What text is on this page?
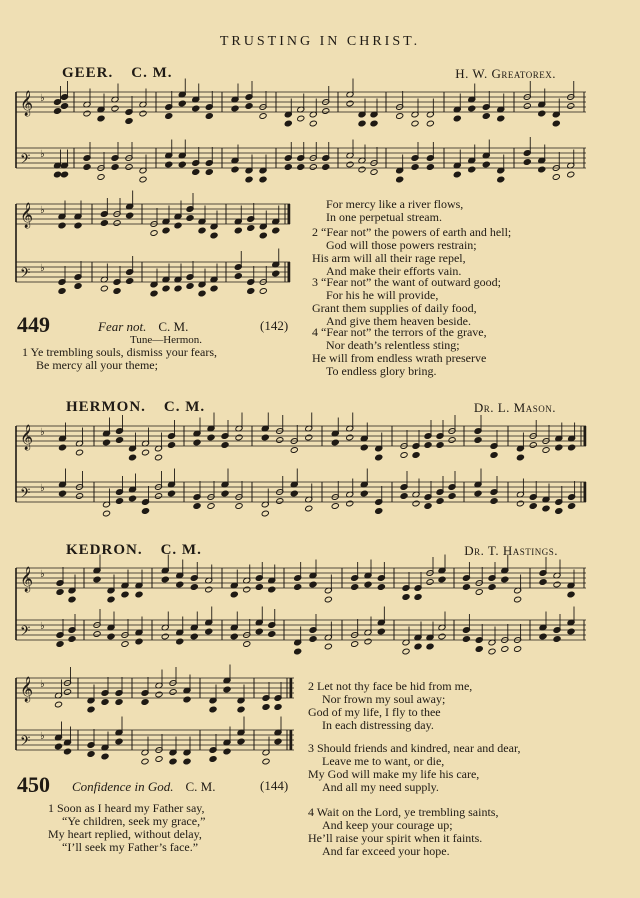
TRUSTING IN CHRIST.
GEER. C. M.	H. W. Greatorex.
𝄞 ♭
𝄢 ♭
𝄞 ♭
𝄢 ♭
449	Fear not. C. M.	(142)
Tune—Hermon.
1 Ye trembling souls, dismiss your fears,
Be mercy all your theme;
For mercy like a river flows,
In one perpetual stream.
2 “Fear not” the powers of earth and hell;
God will those powers restrain;
His arm will all their rage repel,
And make their efforts vain.
3 “Fear not” the want of outward good;
For his he will provide,
Grant them supplies of daily food,
And give them heaven beside.
4 “Fear not” the terrors of the grave,
Nor death’s relentless sting;
He will from endless wrath preserve
To endless glory bring.
HERMON. C. M.	Dr. L. Mason.
𝄞 ♭
𝄢 ♭
KEDRON. C. M.	Dr. T. Hastings.
𝄞 ♭
𝄢 ♭
𝄞 ♭
𝄢 ♭
450 Confidence in God. C. M.	(144)
1 Soon as I heard my Father say,
“Ye children, seek my grace,”
My heart replied, without delay,
“I’ll seek my Father’s face.”
2 Let not thy face be hid from me,
Nor frown my soul away;
God of my life, I fly to thee
In each distressing day.
3 Should friends and kindred, near and dear,
Leave me to want, or die,
My God will make my life his care,
And all my need supply.
4 Wait on the Lord, ye trembling saints,
And keep your courage up;
He’ll raise your spirit when it faints.
And far exceed your hope.
